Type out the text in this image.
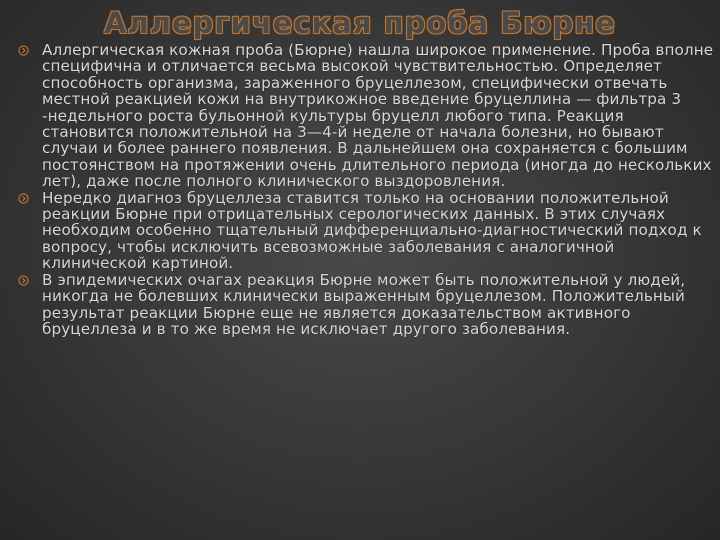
Аллергическая проба Бюрне
Аллергическая кожная проба (Бюрне) нашла широкое применение. Проба вполне специфична и отличается весьма высокой чувствительностью. Определяет способность организма, зараженного бруцеллезом, специфически отвечать местной реакцией кожи на внутрикожное введение бруцеллина — фильтра 3 -недельного роста бульонной культуры бруцелл любого типа. Реакция становится положительной на 3—4-й неделе от начала болезни, но бывают случаи и более раннего появления. В дальнейшем она сохраняется с большим постоянством на протяжении очень длительного периода (иногда до нескольких лет), даже после полного клинического выздоровления.
Нередко диагноз бруцеллеза ставится только на основании положительной реакции Бюрне при отрицательных серологических данных. В этих случаях необходим особенно тщательный дифференциально-диагностический подход к вопросу, чтобы исключить всевозможные заболевания с аналогичной клинической картиной.
В эпидемических очагах реакция Бюрне может быть положительной у людей, никогда не болевших клинически выраженным бруцеллезом. Положительный результат реакции Бюрне еще не является доказательством активного бруцеллеза и в то же время не исключает другого заболевания.
